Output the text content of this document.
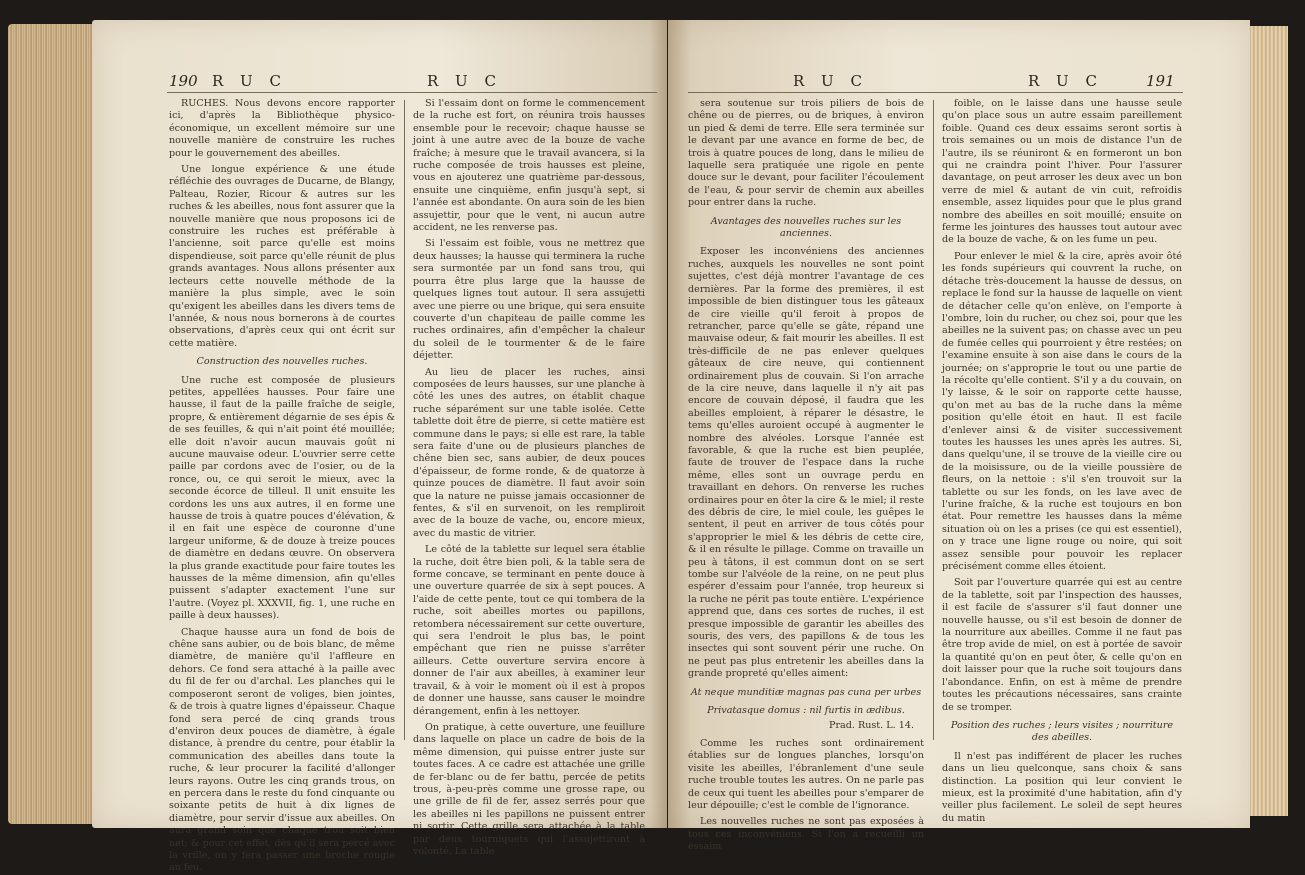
190 R U C	R U C

RUCHES. Nous devons encore rapporter ici, d'après la Bibliothèque physico-économique, un excellent mémoire sur une nouvelle manière de construire les ruches pour le gouvernement des abeilles.

Une longue expérience & une étude réfléchie des ouvrages de Ducarne, de Blangy, Palteau, Rozier, Ricour & autres sur les ruches & les abeilles, nous font assurer que la nouvelle manière que nous proposons ici de construire les ruches est préférable à l'ancienne, soit parce qu'elle est moins dispendieuse, soit parce qu'elle réunit de plus grands avantages. Nous allons présenter aux lecteurs cette nouvelle méthode de la manière la plus simple, avec le soin qu'exigent les abeilles dans les divers tems de l'année, & nous nous bornerons à de courtes observations, d'après ceux qui ont écrit sur cette matière.

Construction des nouvelles ruches.

Une ruche est composée de plusieurs petites, appellées hausses. Pour faire une hausse, il faut de la paille fraîche de seigle, propre, & entièrement dégarnie de ses épis & de ses feuilles, & qui n'ait point été mouillée; elle doit n'avoir aucun mauvais goût ni aucune mauvaise odeur. L'ouvrier serre cette paille par cordons avec de l'osier, ou de la ronce, ou, ce qui seroit le mieux, avec la seconde écorce de tilleul. Il unit ensuite les cordons les uns aux autres, il en forme une hausse de trois à quatre pouces d'élévation, & il en fait une espèce de couronne d'une largeur uniforme, & de douze à treize pouces de diamètre en dedans œuvre. On observera la plus grande exactitude pour faire toutes les hausses de la même dimension, afin qu'elles puissent s'adapter exactement l'une sur l'autre. (Voyez pl. XXXVII, fig. 1, une ruche en paille à deux hausses).

Chaque hausse aura un fond de bois de chêne sans aubier, ou de bois blanc, de même diamètre, de manière qu'il l'affleure en dehors. Ce fond sera attaché à la paille avec du fil de fer ou d'archal. Les planches qui le composeront seront de voliges, bien jointes, & de trois à quatre lignes d'épaisseur. Chaque fond sera percé de cinq grands trous d'environ deux pouces de diamètre, à égale distance, à prendre du centre, pour établir la communication des abeilles dans toute la ruche, & leur procurer la facilité d'allonger leurs rayons. Outre les cinq grands trous, on en percera dans le reste du fond cinquante ou soixante petits de huit à dix lignes de diamètre, pour servir d'issue aux abeilles. On aura grand soin que chaque trou soit bien net; & pour cet effet, dès qu'il sera percé avec la vrille, on y fera passer une broche rougie au feu.

Si l'essaim dont on forme le commencement de la ruche est fort, on réunira trois hausses ensemble pour le recevoir; chaque hausse se joint à une autre avec de la bouze de vache fraîche; à mesure que le travail avancera, si la ruche composée de trois hausses est pleine, vous en ajouterez une quatrième par-dessous, ensuite une cinquième, enfin jusqu'à sept, si l'année est abondante. On aura soin de les bien assujettir, pour que le vent, ni aucun autre accident, ne les renverse pas.

Si l'essaim est foible, vous ne mettrez que deux hausses; la hausse qui terminera la ruche sera surmontée par un fond sans trou, qui pourra être plus large que la hausse de quelques lignes tout autour. Il sera assujetti avec une pierre ou une brique, qui sera ensuite couverte d'un chapiteau de paille comme les ruches ordinaires, afin d'empêcher la chaleur du soleil de le tourmenter & de le faire déjetter.

Au lieu de placer les ruches, ainsi composées de leurs hausses, sur une planche à côté les unes des autres, on établit chaque ruche séparément sur une table isolée. Cette tablette doit être de pierre, si cette matière est commune dans le pays; si elle est rare, la table sera faite d'une ou de plusieurs planches de chêne bien sec, sans aubier, de deux pouces d'épaisseur, de forme ronde, & de quatorze à quinze pouces de diamètre. Il faut avoir soin que la nature ne puisse jamais occasionner de fentes, & s'il en survenoit, on les rempliroit avec de la bouze de vache, ou, encore mieux, avec du mastic de vitrier.

Le côté de la tablette sur lequel sera établie la ruche, doit être bien poli, & la table sera de forme concave, se terminant en pente douce à une ouverture quarrée de six à sept pouces. A l'aide de cette pente, tout ce qui tombera de la ruche, soit abeilles mortes ou papillons, retombera nécessairement sur cette ouverture, qui sera l'endroit le plus bas, le point empêchant que rien ne puisse s'arrêter ailleurs. Cette ouverture servira encore à donner de l'air aux abeilles, à examiner leur travail, & à voir le moment où il est à propos de donner une hausse, sans causer le moindre dérangement, enfin à les nettoyer.

On pratique, à cette ouverture, une feuillure dans laquelle on place un cadre de bois de la même dimension, qui puisse entrer juste sur toutes faces. A ce cadre est attachée une grille de fer-blanc ou de fer battu, percée de petits trous, à-peu-près comme une grosse rape, ou une grille de fil de fer, assez serrés pour que les abeilles ni les papillons ne puissent entrer ni sortir. Cette grille sera attachée à la table par deux tourniquets qui l'assujettiront à volonté. La table

R U C	R U C	191

sera soutenue sur trois piliers de bois de chêne ou de pierres, ou de briques, à environ un pied & demi de terre. Elle sera terminée sur le devant par une avance en forme de bec, de trois à quatre pouces de long, dans le milieu de laquelle sera pratiquée une rigole en pente douce sur le devant, pour faciliter l'écoulement de l'eau, & pour servir de chemin aux abeilles pour entrer dans la ruche.

Avantages des nouvelles ruches sur les anciennes.

Exposer les inconvéniens des anciennes ruches, auxquels les nouvelles ne sont point sujettes, c'est déjà montrer l'avantage de ces dernières. Par la forme des premières, il est impossible de bien distinguer tous les gâteaux de cire vieille qu'il feroit à propos de retrancher, parce qu'elle se gâte, répand une mauvaise odeur, & fait mourir les abeilles. Il est très-difficile de ne pas enlever quelques gâteaux de cire neuve, qui contiennent ordinairement plus de couvain. Si l'on arrache de la cire neuve, dans laquelle il n'y ait pas encore de couvain déposé, il faudra que les abeilles emploient, à réparer le désastre, le tems qu'elles auroient occupé à augmenter le nombre des alvéoles. Lorsque l'année est favorable, & que la ruche est bien peuplée, faute de trouver de l'espace dans la ruche même, elles sont un ouvrage perdu en travaillant en dehors. On renverse les ruches ordinaires pour en ôter la cire & le miel; il reste des débris de cire, le miel coule, les guêpes le sentent, il peut en arriver de tous côtés pour s'approprier le miel & les débris de cette cire, & il en résulte le pillage. Comme on travaille un peu à tâtons, il est commun dont on se sert tombe sur l'alvéole de la reine, on ne peut plus espérer d'essaim pour l'année, trop heureux si la ruche ne périt pas toute entière. L'expérience apprend que, dans ces sortes de ruches, il est presque impossible de garantir les abeilles des souris, des vers, des papillons & de tous les insectes qui sont souvent périr une ruche. On ne peut pas plus entretenir les abeilles dans la grande propreté qu'elles aiment:

At neque munditiæ magnas pas cuna per urbes

Privatasque domus : nil furtis in ædibus.

Prad. Rust. L. 14.

Comme les ruches sont ordinairement établies sur de longues planches, lorsqu'on visite les abeilles, l'ébranlement d'une seule ruche trouble toutes les autres. On ne parle pas de ceux qui tuent les abeilles pour s'emparer de leur dépouille; c'est le comble de l'ignorance.

Les nouvelles ruches ne sont pas exposées à tous ces inconvéniens. Si l'on a recueilli un essaim

foible, on le laisse dans une hausse seule qu'on place sous un autre essaim pareillement foible. Quand ces deux essaims seront sortis à trois semaines ou un mois de distance l'un de l'autre, ils se réuniront & en formeront un bon qui ne craindra point l'hiver. Pour l'assurer davantage, on peut arroser les deux avec un bon verre de miel & autant de vin cuit, refroidis ensemble, assez liquides pour que le plus grand nombre des abeilles en soit mouillé; ensuite on ferme les jointures des hausses tout autour avec de la bouze de vache, & on les fume un peu.

Pour enlever le miel & la cire, après avoir ôté les fonds supérieurs qui couvrent la ruche, on détache très-doucement la hausse de dessus, on replace le fond sur la hausse de laquelle on vient de détacher celle qu'on enlève, on l'emporte à l'ombre, loin du rucher, ou chez soi, pour que les abeilles ne la suivent pas; on chasse avec un peu de fumée celles qui pourroient y être restées; on l'examine ensuite à son aise dans le cours de la journée; on s'approprie le tout ou une partie de la récolte qu'elle contient. S'il y a du couvain, on l'y laisse, & le soir on rapporte cette hausse, qu'on met au bas de la ruche dans la même position qu'elle étoit en haut. Il est facile d'enlever ainsi & de visiter successivement toutes les hausses les unes après les autres. Si, dans quelqu'une, il se trouve de la vieille cire ou de la moisissure, ou de la vieille poussière de fleurs, on la nettoie : s'il s'en trouvoit sur la tablette ou sur les fonds, on les lave avec de l'urine fraîche, & la ruche est toujours en bon état. Pour remettre les hausses dans la même situation où on les a prises (ce qui est essentiel), on y trace une ligne rouge ou noire, qui soit assez sensible pour pouvoir les replacer précisément comme elles étoient.

Soit par l'ouverture quarrée qui est au centre de la tablette, soit par l'inspection des hausses, il est facile de s'assurer s'il faut donner une nouvelle hausse, ou s'il est besoin de donner de la nourriture aux abeilles. Comme il ne faut pas être trop avide de miel, on est à portée de savoir la quantité qu'on en peut ôter, & celle qu'on en doit laisser pour que la ruche soit toujours dans l'abondance. Enfin, on est à même de prendre toutes les précautions nécessaires, sans crainte de se tromper.

Position des ruches ; leurs visites ; nourriture des abeilles.

Il n'est pas indifférent de placer les ruches dans un lieu quelconque, sans choix & sans distinction. La position qui leur convient le mieux, est la proximité d'une habitation, afin d'y veiller plus facilement. Le soleil de sept heures du matin
